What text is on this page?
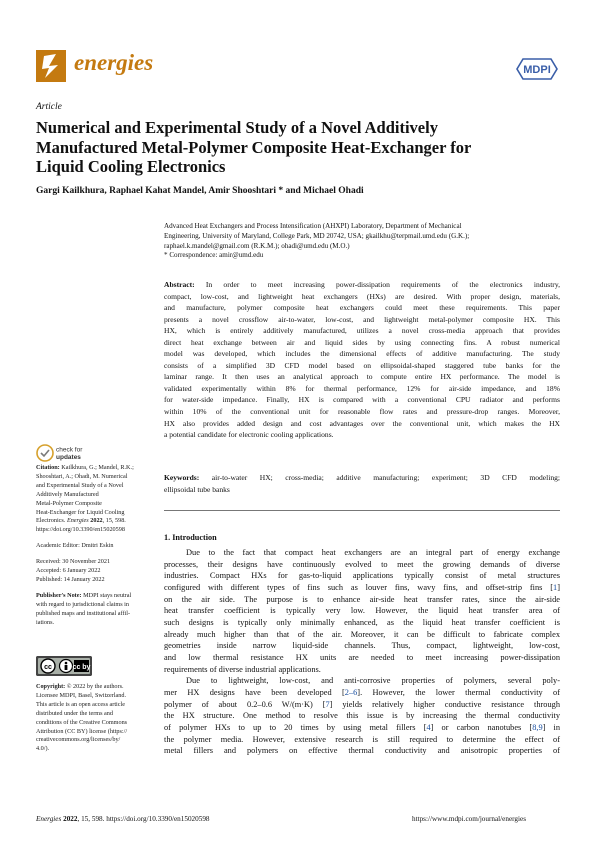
energies	MDPI
Article
Numerical and Experimental Study of a Novel Additively
Manufactured Metal-Polymer Composite Heat-Exchanger for
Liquid Cooling Electronics
Gargi Kailkhura, Raphael Kahat Mandel, Amir Shooshtari * and Michael Ohadi
Advanced Heat Exchangers and Process Intensification (AHXPI) Laboratory, Department of Mechanical
Engineering, University of Maryland, College Park, MD 20742, USA; gkailkhu@terpmail.umd.edu (G.K.);
raphael.k.mandel@gmail.com (R.K.M.); ohadi@umd.edu (M.O.)
* Correspondence: amir@umd.edu
Abstract: In order to meet increasing power-dissipation requirements of the electronics industry,
compact, low-cost, and lightweight heat exchangers (HXs) are desired. With proper design, materials,
and manufacture, polymer composite heat exchangers could meet these requirements. This paper
presents a novel crossflow air-to-water, low-cost, and lightweight metal-polymer composite HX. This
HX, which is entirely additively manufactured, utilizes a novel cross-media approach that provides
direct heat exchange between air and liquid sides by using connecting fins. A robust numerical
model was developed, which includes the dimensional effects of additive manufacturing. The study
consists of a simplified 3D CFD model based on ellipsoidal-shaped staggered tube banks for the
laminar range. It then uses an analytical approach to compute entire HX performance. The model is
validated experimentally within 8% for thermal performance, 12% for air-side impedance, and 18%
for water-side impedance. Finally, HX is compared with a conventional CPU radiator and performs
within 10% of the conventional unit for reasonable flow rates and pressure-drop ranges. Moreover,
HX also provides added design and cost advantages over the conventional unit, which makes the HX
a potential candidate for electronic cooling applications.
Keywords: air-to-water HX; cross-media; additive manufacturing; experiment; 3D CFD modeling;
ellipsoidal tube banks
check for
updates
Citation: Kailkhura, G.; Mandel, R.K.;
Shooshtari, A.; Ohadi, M. Numerical
and Experimental Study of a Novel
Additively Manufactured
Metal-Polymer Composite
Heat-Exchanger for Liquid Cooling
Electronics. Energies 2022, 15, 598.
https://doi.org/10.3390/en15020598
Academic Editor: Dmitri Eskin
Received: 30 November 2021
Accepted: 6 January 2022
Published: 14 January 2022
Publisher's Note: MDPI stays neutral
with regard to jurisdictional claims in
published maps and institutional affil-
iations.
cc	cc by
Copyright: © 2022 by the authors.
Licensee MDPI, Basel, Switzerland.
This article is an open access article
distributed under the terms and
conditions of the Creative Commons
Attribution (CC BY) license (https://
creativecommons.org/licenses/by/
4.0/).
1. Introduction
Due to the fact that compact heat exchangers are an integral part of energy exchange
processes, their designs have continuously evolved to meet the growing demands of diverse
industries. Compact HXs for gas-to-liquid applications typically consist of metal structures
configured with different types of fins such as louver fins, wavy fins, and offset-strip fins [1]
on the air side. The purpose is to enhance air-side heat transfer rates, since the air-side
heat transfer coefficient is typically very low. However, the liquid heat transfer area of
such designs is typically only minimally enhanced, as the liquid heat transfer coefficient is
already much higher than that of the air. Moreover, it can be difficult to fabricate complex
geometries inside narrow liquid-side channels. Thus, compact, lightweight, low-cost,
and low thermal resistance HX units are needed to meet increasing power-dissipation
requirements of diverse industrial applications.
Due to lightweight, low-cost, and anti-corrosive properties of polymers, several poly-
mer HX designs have been developed [2–6]. However, the lower thermal conductivity of
polymer of about 0.2–0.6 W/(m·K) [7] yields relatively higher conductive resistance through
the HX structure. One method to resolve this issue is by increasing the thermal conductivity
of polymer HXs to up to 20 times by using metal fillers [4] or carbon nanotubes [8,9] in
the polymer media. However, extensive research is still required to determine the effect of
metal fillers and polymers on effective thermal conductivity and anisotropic properties of
Energies 2022, 15, 598. https://doi.org/10.3390/en15020598	https://www.mdpi.com/journal/energies
